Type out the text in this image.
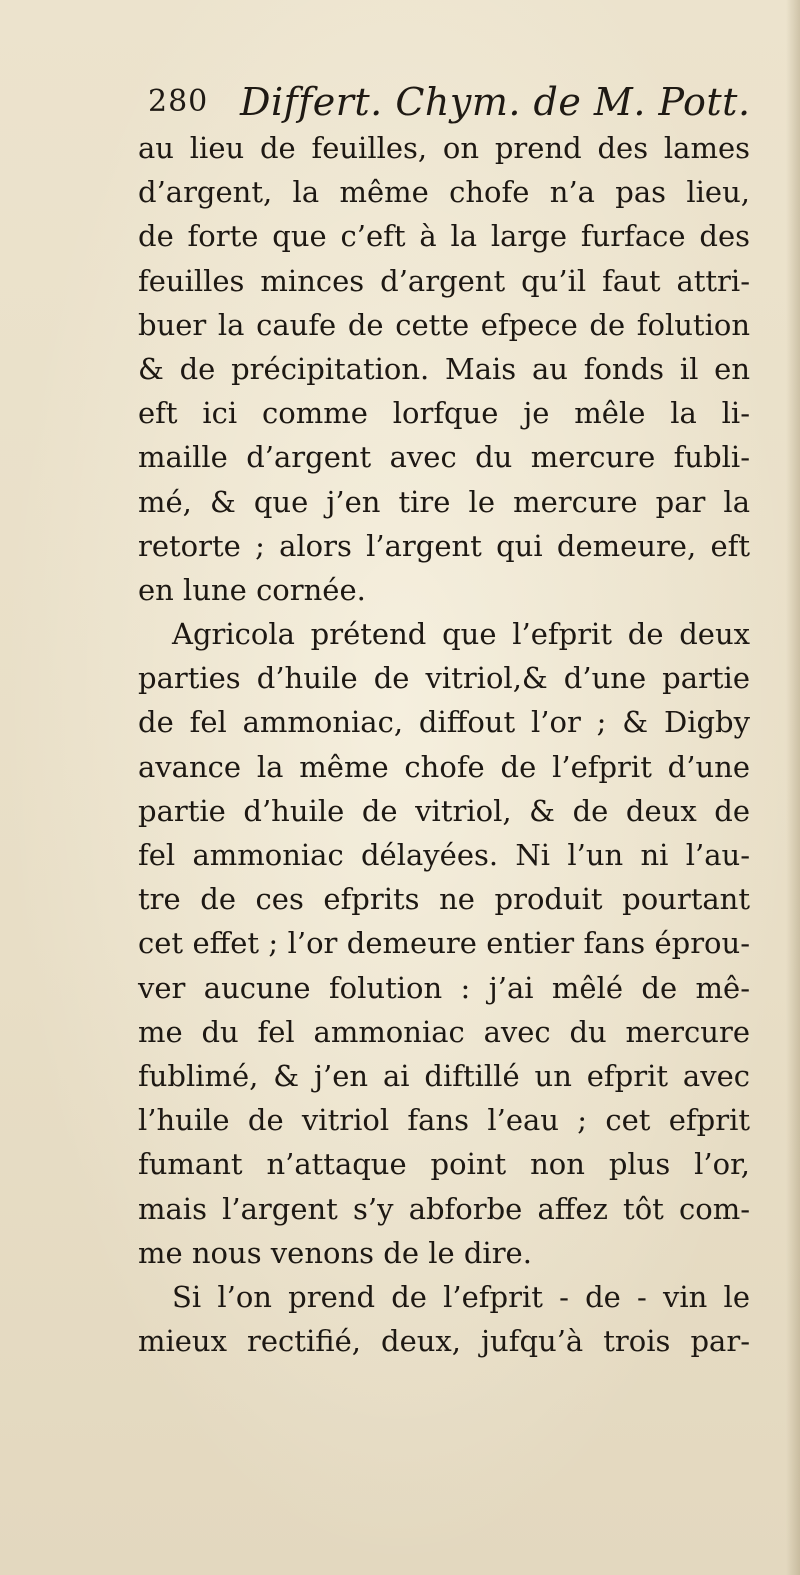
280 Differt. Chym. de M. Pott.
au lieu de feuilles, on prend des lames
d’argent, la même chofe n’a pas lieu,
de forte que c’eft à la large furface des
feuilles minces d’argent qu’il faut attri-
buer la caufe de cette efpece de folution
& de précipitation. Mais au fonds il en
eft ici comme lorfque je mêle la li-
maille d’argent avec du mercure fubli-
mé, & que j’en tire le mercure par la
retorte ; alors l’argent qui demeure, eft
en lune cornée.
Agricola prétend que l’efprit de deux
parties d’huile de vitriol,& d’une partie
de fel ammoniac, diffout l’or ; & Digby
avance la même chofe de l’efprit d’une
partie d’huile de vitriol, & de deux de
fel ammoniac délayées. Ni l’un ni l’au-
tre de ces efprits ne produit pourtant
cet effet ; l’or demeure entier fans éprou-
ver aucune folution : j’ai mêlé de mê-
me du fel ammoniac avec du mercure
fublimé, & j’en ai diftillé un efprit avec
l’huile de vitriol fans l’eau ; cet efprit
fumant n’attaque point non plus l’or,
mais l’argent s’y abforbe affez tôt com-
me nous venons de le dire.
Si l’on prend de l’efprit - de - vin le
mieux rectifié, deux, jufqu’à trois par-
